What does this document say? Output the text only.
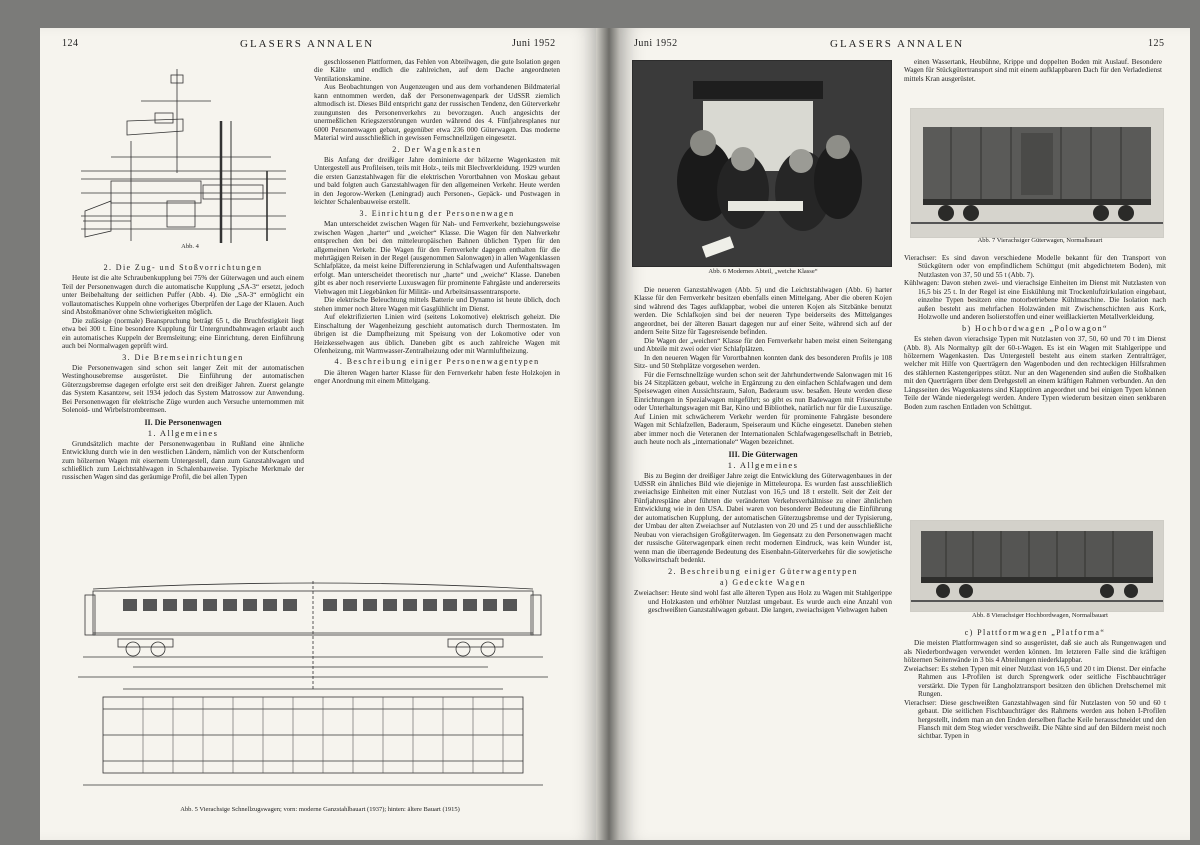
124	GLASERS ANNALEN	Juni 1952
Abb. 4

2. Die Zug- und Stoßvorrichtungen

Heute ist die alte Schraubenkupplung bei 75% der Güterwagen und auch einem Teil der Personenwagen durch die automatische Kupplung „SA-3“ ersetzt, jedoch unter Beibehaltung der seitlichen Puffer (Abb. 4). Die „SA-3“ ermöglicht ein vollautomatisches Kuppeln ohne vorheriges Überprüfen der Lage der Klauen. Auch sind Abstoßmanöver ohne Schwierigkeiten möglich.

Die zulässige (normale) Beanspruchung beträgt 65 t, die Bruchfestigkeit liegt etwa bei 300 t. Eine besondere Kupplung für Untergrundbahnwagen erlaubt auch ein automatisches Kuppeln der Bremsleitung; eine Einrichtung, deren Einführung auch bei Normalwagen geprüft wird.

3. Die Bremseinrichtungen

Die Personenwagen sind schon seit langer Zeit mit der automatischen Westinghousebremse ausgerüstet. Die Einführung der automatischen Güterzugsbremse dagegen erfolgte erst seit den dreißiger Jahren. Zuerst gelangte das System Kasantzew, seit 1934 jedoch das System Matrossow zur Anwendung. Bei Personenwagen für elektrische Züge wurden auch Versuche unternommen mit Solenoid- und Wirbelstrombremsen.

II. Die Personenwagen

1. Allgemeines

Grundsätzlich machte der Personenwagenbau in Rußland eine ähnliche Entwicklung durch wie in den westlichen Ländern, nämlich von der Kutschenform zum hölzernen Wagen mit eisernem Untergestell, dann zum Ganzstahlwagen und schließlich zum Leichtstahlwagen in Schalenbauweise. Typische Merkmale der russischen Wagen sind das geräumige Profil, die bei allen Typen

geschlossenen Plattformen, das Fehlen von Abteilwagen, die gute Isolation gegen die Kälte und endlich die zahlreichen, auf dem Dache angeordneten Ventilationskamine.

Aus Beobachtungen von Augenzeugen und aus dem vorhandenen Bildmaterial kann entnommen werden, daß der Personenwagenpark der UdSSR ziemlich altmodisch ist. Dieses Bild entspricht ganz der russischen Tendenz, den Güterverkehr zuungunsten des Personenverkehrs zu bevorzugen. Auch angesichts der unermeßlichen Kriegszerstörungen wurden während des 4. Fünfjahresplanes nur 6000 Personenwagen gebaut, gegenüber etwa 236 000 Güterwagen. Das moderne Material wird ausschließlich in gewissen Fernschnellzügen eingesetzt.

2. Der Wagenkasten

Bis Anfang der dreißiger Jahre dominierte der hölzerne Wagenkasten mit Untergestell aus Profileisen, teils mit Holz-, teils mit Blechverkleidung. 1929 wurden die ersten Ganzstahlwagen für die elektrischen Vorortbahnen von Moskau gebaut und bald folgten auch Ganzstahlwagen für den allgemeinen Verkehr. Heute werden in den Jegorow-Werken (Leningrad) auch Personen-, Gepäck- und Postwagen in leichter Schalenbauweise erstellt.

3. Einrichtung der Personenwagen

Man unterscheidet zwischen Wagen für Nah- und Fernverkehr, beziehungsweise zwischen Wagen „harter“ und „weicher“ Klasse. Die Wagen für den Nahverkehr entsprechen den bei den mitteleuropäischen Bahnen üblichen Typen für den allgemeinen Verkehr. Die Wagen für den Fernverkehr dagegen enthalten für die mehrtägigen Reisen in der Regel (ausgenommen Salonwagen) in allen Wagenklassen Schlafplätze, da meist keine Differenzierung in Schlafwagen und Aufenthaltswagen erfolgt. Man unterscheidet theoretisch nur „harte“ und „weiche“ Klasse. Daneben gibt es aber noch reservierte Luxuswagen für prominente Fahrgäste und andererseits Viehwagen mit Liegebänken für Militär- und Arbeitsinsassentransporte.

Die elektrische Beleuchtung mittels Batterie und Dynamo ist heute üblich, doch stehen immer noch ältere Wagen mit Gasglühlicht im Dienst.

Auf elektrifizierten Linien wird (seitens Lokomotive) elektrisch geheizt. Die Einschaltung der Wagenheizung geschieht automatisch durch Thermostaten. Im übrigen ist die Dampfheizung mit Speisung von der Lokomotive oder von Heizkesselwagen aus üblich. Daneben gibt es auch zahlreiche Wagen mit Ofenheizung, mit Warmwasser-Zentralheizung oder mit Warmluftheizung.

4. Beschreibung einiger Personenwagentypen

Die älteren Wagen harter Klasse für den Fernverkehr haben feste Holzkojen in enger Anordnung mit einem Mittelgang.

Abb. 5 Vierachsige Schnellzugswagen; vorn: moderne Ganzstahlbauart (1937); hinten: ältere Bauart (1915)
Juni 1952	GLASERS ANNALEN	125
Abb. 6 Modernes Abteil, „weiche Klasse“

einen Wassertank, Heubühne, Krippe und doppelten Boden mit Auslauf. Besondere Wagen für Stückgütertransport sind mit einem aufklappbaren Dach für den Verladedienst mittels Kran ausgerüstet.

Abb. 7 Vierachsiger Güterwagen, Normalbauart

Vierachser: Es sind davon verschiedene Modelle bekannt für den Transport von Stückgütern oder von empfindlichem Schüttgut (mit abgedichtetem Boden), mit Nutzlasten von 37, 50 und 55 t (Abb. 7).

Kühlwagen: Davon stehen zwei- und vierachsige Einheiten im Dienst mit Nutzlasten von 16,5 bis 25 t. In der Regel ist eine Eiskühlung mit Trockenluftzirkulation eingebaut, einzelne Typen besitzen eine motorbetriebene Kühlmaschine. Die Isolation nach außen besteht aus mehrfachen Holzwänden mit Zwischenschichten aus Kork, Holzwolle und anderen Isolierstoffen und einer weißlackierten Metallverkleidung.

b) Hochbordwagen „Polowagon“

Es stehen davon vierachsige Typen mit Nutzlasten von 37, 50, 60 und 70 t im Dienst (Abb. 8). Als Normaltyp gilt der 60-t-Wagen. Es ist ein Wagen mit Stahlgerippe und hölzernem Wagenkasten. Das Untergestell besteht aus einem starken Zentralträger, welcher mit Hilfe von Querträgern den Wagenboden und den rechteckigen Hilfsrahmen des stählernen Kastengerippes stützt. Nur an den Wagenenden sind außen die Stoßbalken mit den Querträgern über dem Drehgestell an einem kräftigen Rahmen verbunden. An den Längsseiten des Wagenkastens sind Klapptüren angeordnet und bei einigen Typen können Teile der Wände niedergelegt werden. Andere Typen wiederum besitzen einen senkbaren Boden zum raschen Entladen von Schüttgut.

Abb. 8 Vierachsiger Hochbordwagen, Normalbauart

c) Plattformwagen „Platforma“

Die meisten Plattformwagen sind so ausgerüstet, daß sie auch als Rungenwagen und als Niederbordwagen verwendet werden können. Im letzteren Falle sind die kräftigen hölzernen Seitenwände in 3 bis 4 Abteilungen niederklappbar.

Zweiachser: Es stehen Typen mit einer Nutzlast von 16,5 und 20 t im Dienst. Der einfache Rahmen aus I-Profilen ist durch Sprengwerk oder seitliche Fischbauchträger verstärkt. Die Typen für Langholztransport besitzen den üblichen Drehschemel mit Rungen.

Vierachser: Diese geschweißten Ganzstahlwagen sind für Nutzlasten von 50 und 60 t gebaut. Die seitlichen Fischbauchträger des Rahmens werden aus hohen I-Profilen hergestellt, indem man an den Enden derselben flache Keile herausschneidet und den Flansch mit dem Steg wieder verschweißt. Die Nähte sind auf den Bildern meist noch sichtbar. Typen in

Die neueren Ganzstahlwagen (Abb. 5) und die Leichtstahlwagen (Abb. 6) harter Klasse für den Fernverkehr besitzen ebenfalls einen Mittelgang. Aber die oberen Kojen sind während des Tages aufklappbar, wobei die unteren Kojen als Sitzbänke benutzt werden. Die Schlafkojen sind bei der neueren Type beiderseits des Mittelganges angeordnet, bei der älteren Bauart dagegen nur auf einer Seite, während sich auf der andern Seite Sitze für Tagesreisende befinden.

Die Wagen der „weichen“ Klasse für den Fernverkehr haben meist einen Seitengang und Abteile mit zwei oder vier Schlafplätzen.

In den neueren Wagen für Vorortbahnen konnten dank des besonderen Profils je 108 Sitz- und 50 Stehplätze vorgesehen werden.

Für die Fernschnellzüge wurden schon seit der Jahrhundertwende Salonwagen mit 16 bis 24 Sitzplätzen gebaut, welche in Ergänzung zu den einfachen Schlafwagen und dem Speisewagen einen Aussichtsraum, Salon, Baderaum usw. besaßen. Heute werden diese Einrichtungen in Spezialwagen mitgeführt; so gibt es nun Badewagen mit Friseurstube oder Unterhaltungswagen mit Bar, Kino und Bibliothek, natürlich nur für die Luxuszüge. Auf Linien mit schwächerem Verkehr werden für prominente Fahrgäste besondere Wagen mit Schlafzellen, Baderaum, Speiseraum und Küche eingesetzt. Daneben stehen aber immer noch die Veteranen der Internationalen Schlafwagengesellschaft in Betrieb, auch heute noch als „internationale“ Wagen bezeichnet.

III. Die Güterwagen

1. Allgemeines

Bis zu Beginn der dreißiger Jahre zeigt die Entwicklung des Güterwagenbaues in der UdSSR ein ähnliches Bild wie diejenige in Mitteleuropa. Es wurden fast ausschließlich zweiachsige Einheiten mit einer Nutzlast von 16,5 und 18 t erstellt. Seit der Zeit der Fünfjahrespläne aber führten die veränderten Verkehrsverhältnisse zu einer ähnlichen Entwicklung wie in den USA. Dabei waren von besonderer Bedeutung die Einführung der automatischen Kupplung, der automatischen Güterzugsbremse und der Typisierung, der Umbau der alten Zweiachser auf Nutzlasten von 20 und 25 t und der ausschließliche Neubau von vierachsigen Großgüterwagen. Im Gegensatz zu den Personenwagen macht der russische Güterwagenpark einen recht modernen Eindruck, was kein Wunder ist, wenn man die überragende Bedeutung des Eisenbahn-Güterverkehrs für die sowjetische Volkswirtschaft bedenkt.

2. Beschreibung einiger Güterwagentypen

a) Gedeckte Wagen

Zweiachser: Heute sind wohl fast alle älteren Typen aus Holz zu Wagen mit Stahlgerippe und Holzkasten und erhöhter Nutzlast umgebaut. Es wurde auch eine Anzahl von geschweißten Ganzstahlwagen gebaut. Die langen, zweiachsigen Viehwagen haben
